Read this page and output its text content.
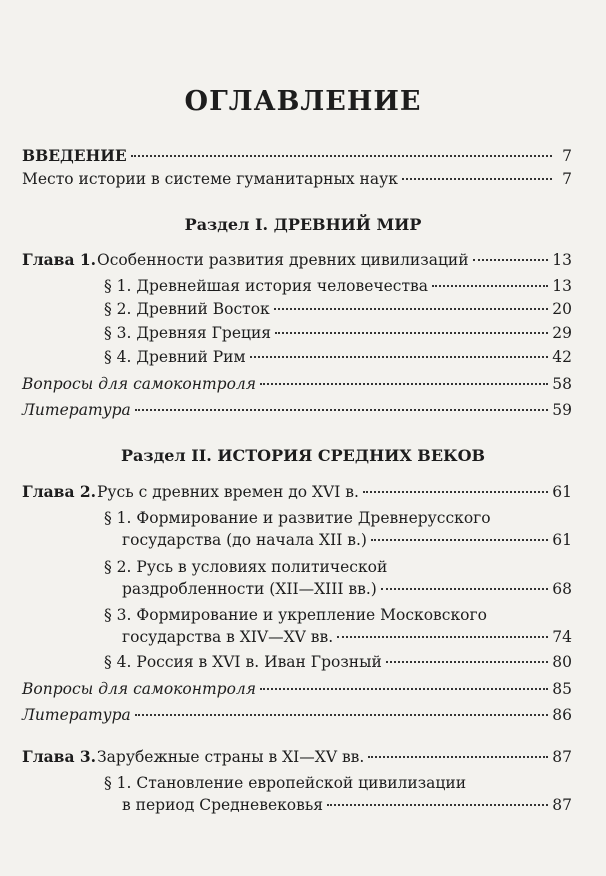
ОГЛАВЛЕНИЕ
ВВЕДЕНИЕ	7
Место истории в системе гуманитарных наук	7
Раздел I. ДРЕВНИЙ МИР
Глава 1. Особенности развития древних цивилизаций	13
§ 1. Древнейшая история человечества	13
§ 2. Древний Восток	20
§ 3. Древняя Греция	29
§ 4. Древний Рим	42
Вопросы для самоконтроля	58
Литература	59
Раздел II. ИСТОРИЯ СРЕДНИХ ВЕКОВ
Глава 2. Русь с древних времен до XVI в.	61
§ 1. Формирование и развитие Древнерусского
государства (до начала XII в.)	61
§ 2. Русь в условиях политической
раздробленности (XII—XIII вв.)	68
§ 3. Формирование и укрепление Московского
государства в XIV—XV вв.	74
§ 4. Россия в XVI в. Иван Грозный	80
Вопросы для самоконтроля	85
Литература	86
Глава 3. Зарубежные страны в XI—XV вв.	87
§ 1. Становление европейской цивилизации
в период Средневековья	87
